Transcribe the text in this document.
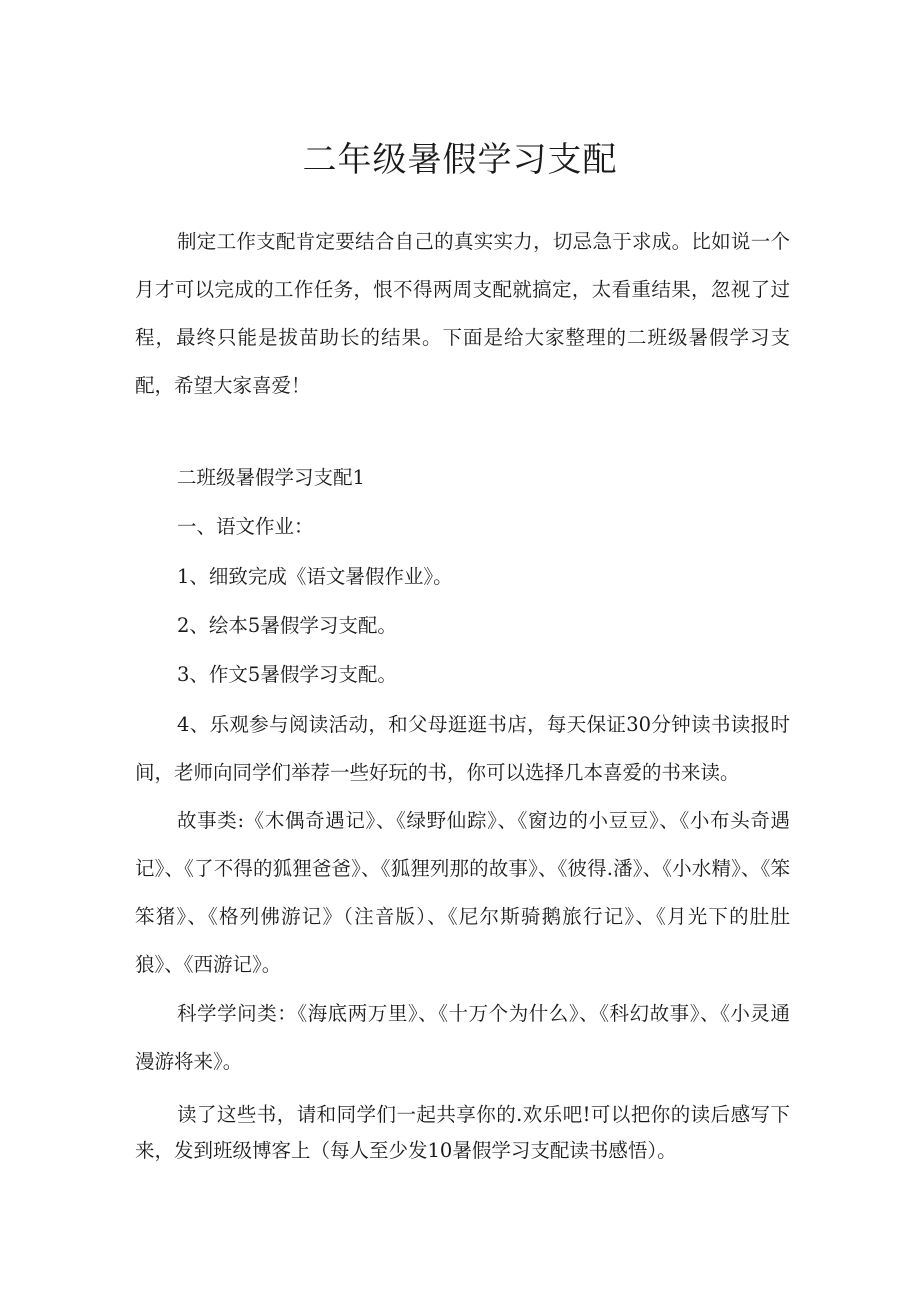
二年级暑假学习支配

制定工作支配肯定要结合自己的真实实力，切忌急于求成。比如说一个月才可以完成的工作任务，恨不得两周支配就搞定，太看重结果，忽视了过程，最终只能是拔苗助长的结果。下面是给大家整理的二班级暑假学习支配，希望大家喜爱！

二班级暑假学习支配1

一、语文作业：

1、细致完成《语文暑假作业》。

2、绘本5暑假学习支配。

3、作文5暑假学习支配。

4、乐观参与阅读活动，和父母逛逛书店，每天保证30分钟读书读报时间，老师向同学们举荐一些好玩的书，你可以选择几本喜爱的书来读。

故事类:《木偶奇遇记》、《绿野仙踪》、《窗边的小豆豆》、《小布头奇遇记》、《了不得的狐狸爸爸》、《狐狸列那的故事》、《彼得.潘》、《小水精》、《笨笨猪》、《格列佛游记》（注音版）、《尼尔斯骑鹅旅行记》、《月光下的肚肚狼》、《西游记》。

科学学问类：《海底两万里》、《十万个为什么》、《科幻故事》、《小灵通漫游将来》。

读了这些书，请和同学们一起共享你的.欢乐吧!可以把你的读后感写下来，发到班级博客上（每人至少发10暑假学习支配读书感悟）。
